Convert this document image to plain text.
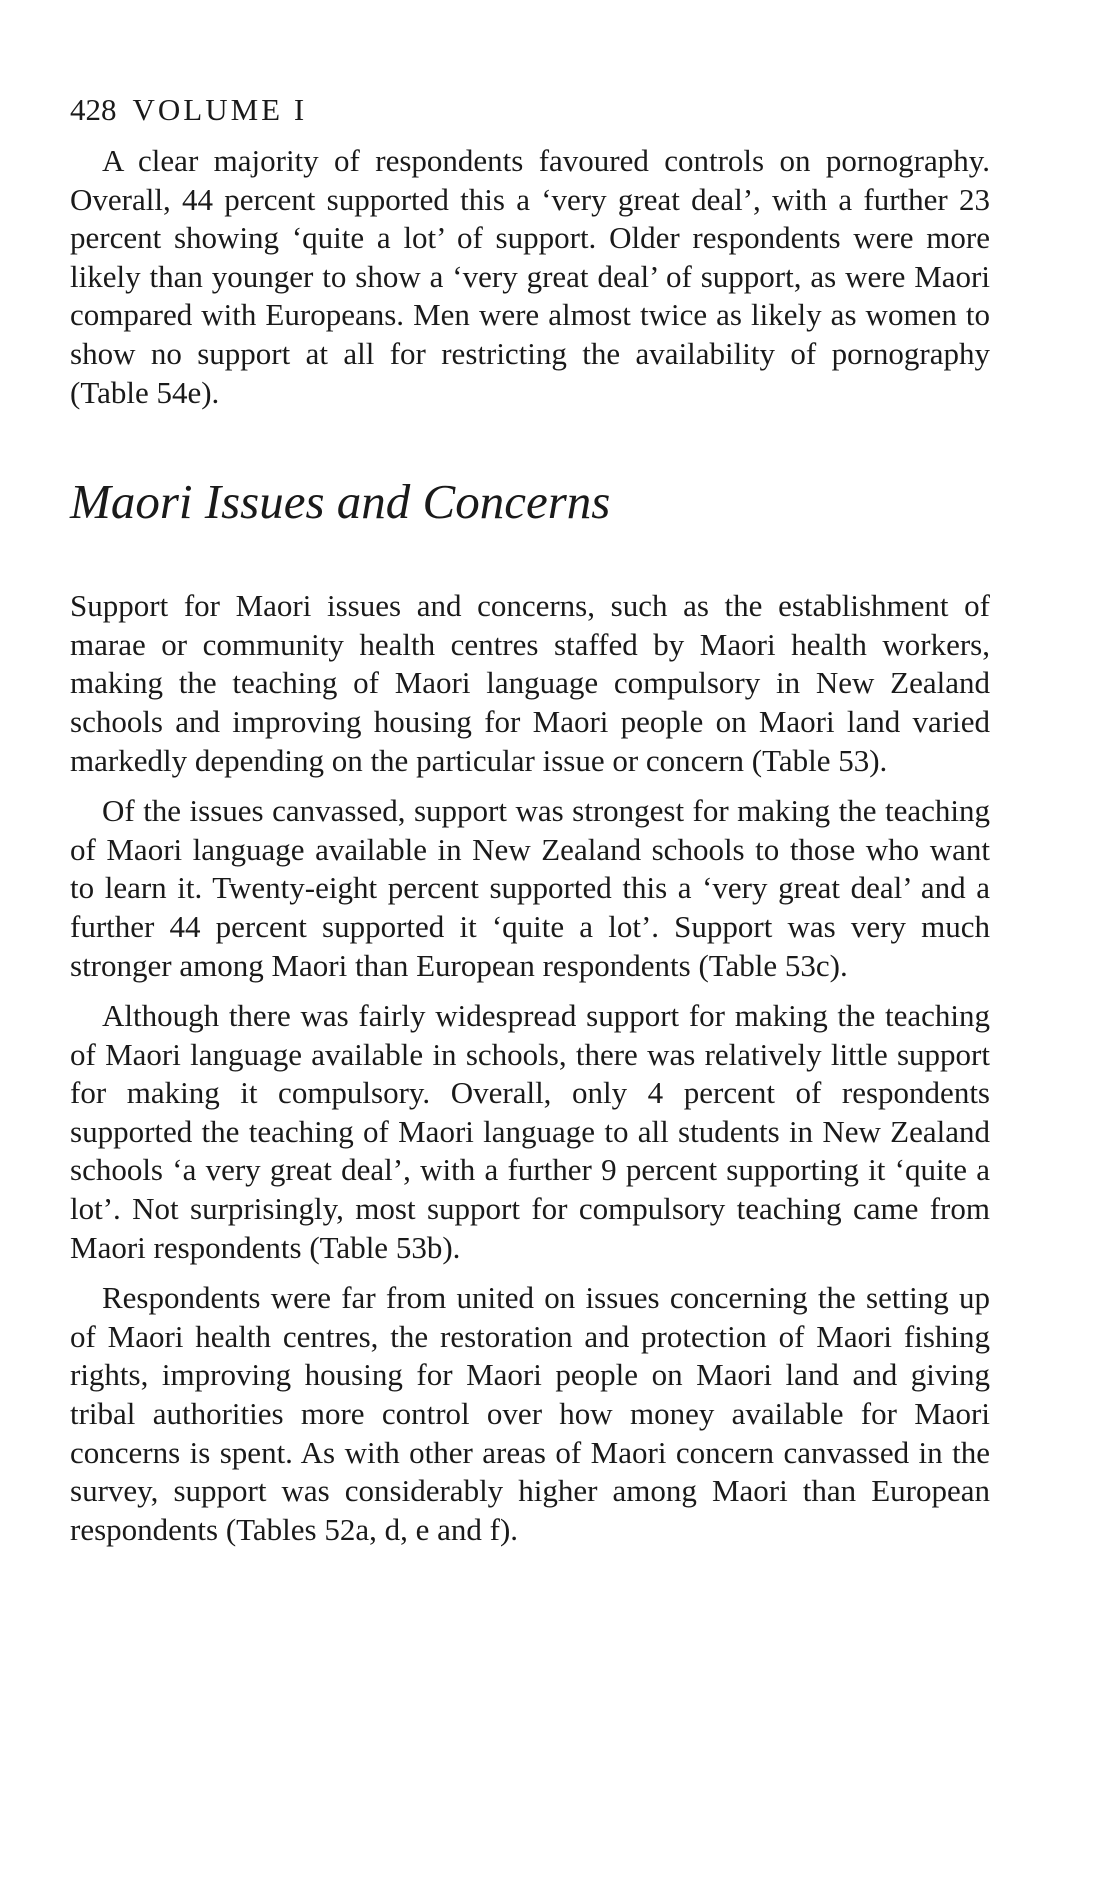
428 VOLUME I

A clear majority of respondents favoured controls on pornography. Overall, 44 percent supported this a ‘very great deal’, with a further 23 percent showing ‘quite a lot’ of support. Older respondents were more likely than younger to show a ‘very great deal’ of support, as were Maori compared with Europeans. Men were almost twice as likely as women to show no support at all for restricting the availability of pornography (Table 54e).

Maori Issues and Concerns

Support for Maori issues and concerns, such as the establishment of marae or community health centres staffed by Maori health workers, making the teaching of Maori language compulsory in New Zealand schools and improving housing for Maori people on Maori land varied markedly depending on the particular issue or concern (Table 53).

Of the issues canvassed, support was strongest for making the teaching of Maori language available in New Zealand schools to those who want to learn it. Twenty-eight percent supported this a ‘very great deal’ and a further 44 percent supported it ‘quite a lot’. Support was very much stronger among Maori than European respondents (Table 53c).

Although there was fairly widespread support for making the teaching of Maori language available in schools, there was relatively little support for making it compulsory. Overall, only 4 percent of respondents supported the teaching of Maori language to all students in New Zealand schools ‘a very great deal’, with a further 9 percent supporting it ‘quite a lot’. Not surprisingly, most support for compulsory teaching came from Maori respondents (Table 53b).

Respondents were far from united on issues concerning the setting up of Maori health centres, the restoration and protection of Maori fishing rights, improving housing for Maori people on Maori land and giving tribal authorities more control over how money available for Maori concerns is spent. As with other areas of Maori concern canvassed in the survey, support was considerably higher among Maori than European respondents (Tables 52a, d, e and f).
